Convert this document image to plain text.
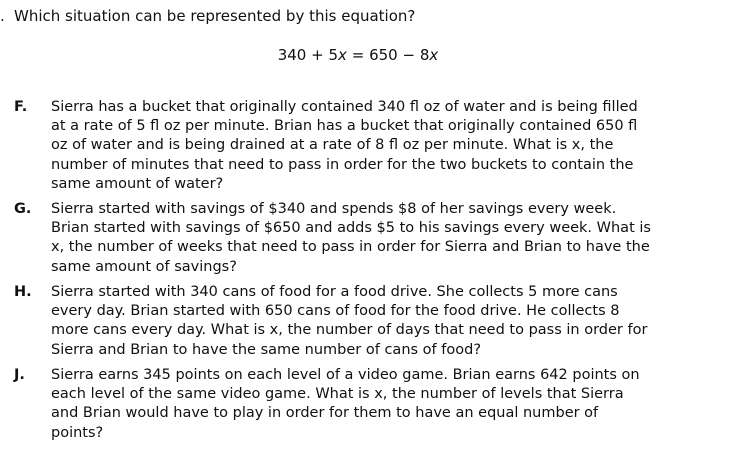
. Which situation can be represented by this equation?
340 + 5x = 650 − 8x
F. Sierra has a bucket that originally contained 340 fl oz of water and is being filled
at a rate of 5 fl oz per minute. Brian has a bucket that originally contained 650 fl
oz of water and is being drained at a rate of 8 fl oz per minute. What is x, the
number of minutes that need to pass in order for the two buckets to contain the
same amount of water?
G. Sierra started with savings of $340 and spends $8 of her savings every week.
Brian started with savings of $650 and adds $5 to his savings every week. What is
x, the number of weeks that need to pass in order for Sierra and Brian to have the
same amount of savings?
H. Sierra started with 340 cans of food for a food drive. She collects 5 more cans
every day. Brian started with 650 cans of food for the food drive. He collects 8
more cans every day. What is x, the number of days that need to pass in order for
Sierra and Brian to have the same number of cans of food?
J. Sierra earns 345 points on each level of a video game. Brian earns 642 points on
each level of the same video game. What is x, the number of levels that Sierra
and Brian would have to play in order for them to have an equal number of
points?
